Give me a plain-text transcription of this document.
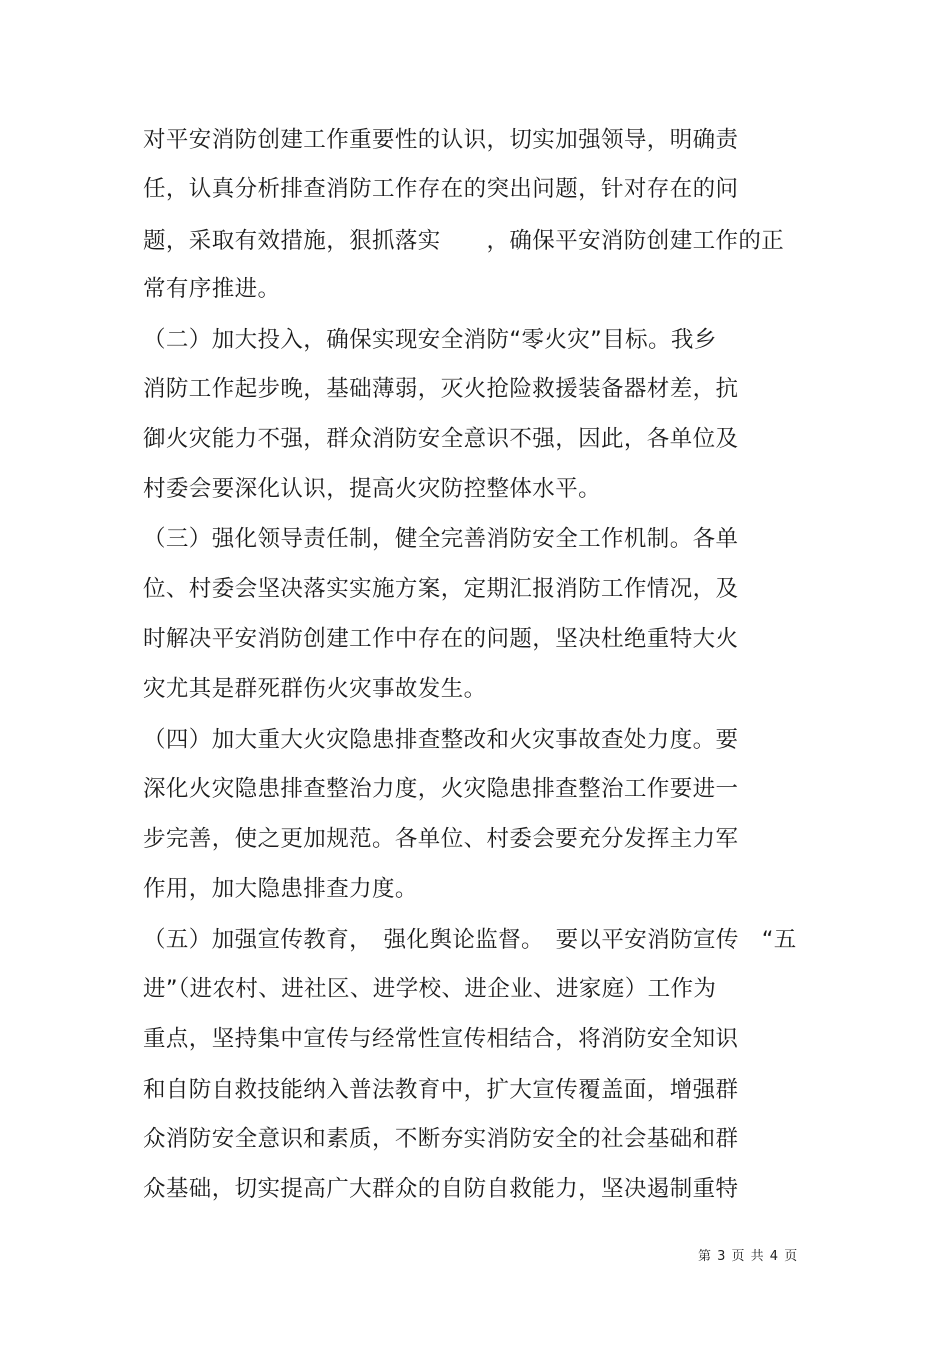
对平安消防创建工作重要性的认识，切实加强领导，明确责
任，认真分析排查消防工作存在的突出问题，针对存在的问
题，采取有效措施，狠抓落实　　，确保平安消防创建工作的正
常有序推进。
（二）加大投入，确保实现安全消防“零火灾”目标。我乡
消防工作起步晚，基础薄弱，灭火抢险救援装备器材差，抗
御火灾能力不强，群众消防安全意识不强，因此，各单位及
村委会要深化认识，提高火灾防控整体水平。
（三）强化领导责任制，健全完善消防安全工作机制。各单
位、村委会坚决落实实施方案，定期汇报消防工作情况，及
时解决平安消防创建工作中存在的问题，坚决杜绝重特大火
灾尤其是群死群伤火灾事故发生。
（四）加大重大火灾隐患排查整改和火灾事故查处力度。要
深化火灾隐患排查整治力度，火灾隐患排查整治工作要进一
步完善，使之更加规范。各单位、村委会要充分发挥主力军
作用，加大隐患排查力度。
（五）加强宣传教育，　强化舆论监督。　要以平安消防宣传　“五
进”（进农村、进社区、进学校、进企业、进家庭）工作为
重点，坚持集中宣传与经常性宣传相结合，将消防安全知识
和自防自救技能纳入普法教育中，扩大宣传覆盖面，增强群
众消防安全意识和素质，不断夯实消防安全的社会基础和群
众基础，切实提高广大群众的自防自救能力，坚决遏制重特
第 3 页 共 4 页
